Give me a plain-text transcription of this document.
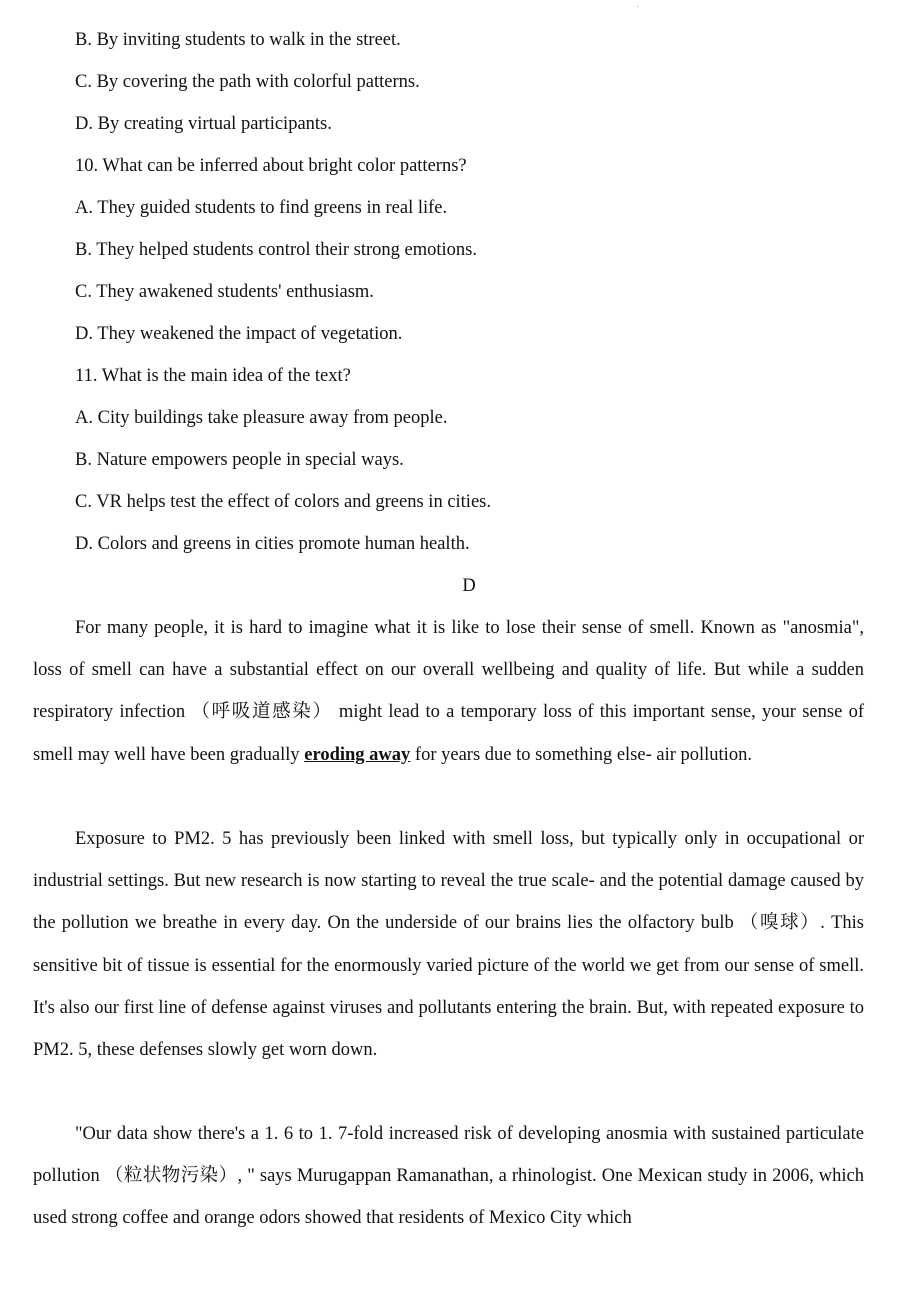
B. By inviting students to walk in the street.
C. By covering the path with colorful patterns.
D. By creating virtual participants.
10. What can be inferred about bright color patterns?
A. They guided students to find greens in real life.
B. They helped students control their strong emotions.
C. They awakened students' enthusiasm.
D. They weakened the impact of vegetation.
11. What is the main idea of the text?
A. City buildings take pleasure away from people.
B. Nature empowers people in special ways.
C. VR helps test the effect of colors and greens in cities.
D. Colors and greens in cities promote human health.
D

For many people, it is hard to imagine what it is like to lose their sense of smell. Known as "anosmia", loss of smell can have a substantial effect on our overall wellbeing and quality of life. But while a sudden respiratory infection （呼吸道感染） might lead to a temporary loss of this important sense, your sense of smell may well have been gradually eroding away for years due to something else- air pollution.

Exposure to PM2. 5 has previously been linked with smell loss, but typically only in occupational or industrial settings. But new research is now starting to reveal the true scale- and the potential damage caused by the pollution we breathe in every day. On the underside of our brains lies the olfactory bulb （嗅球）. This sensitive bit of tissue is essential for the enormously varied picture of the world we get from our sense of smell. It's also our first line of defense against viruses and pollutants entering the brain. But, with repeated exposure to PM2. 5, these defenses slowly get worn down.

"Our data show there's a 1. 6 to 1. 7-fold increased risk of developing anosmia with sustained particulate pollution （粒状物污染）, " says Murugappan Ramanathan, a rhinologist. One Mexican study in 2006, which used strong coffee and orange odors showed that residents of Mexico City which
